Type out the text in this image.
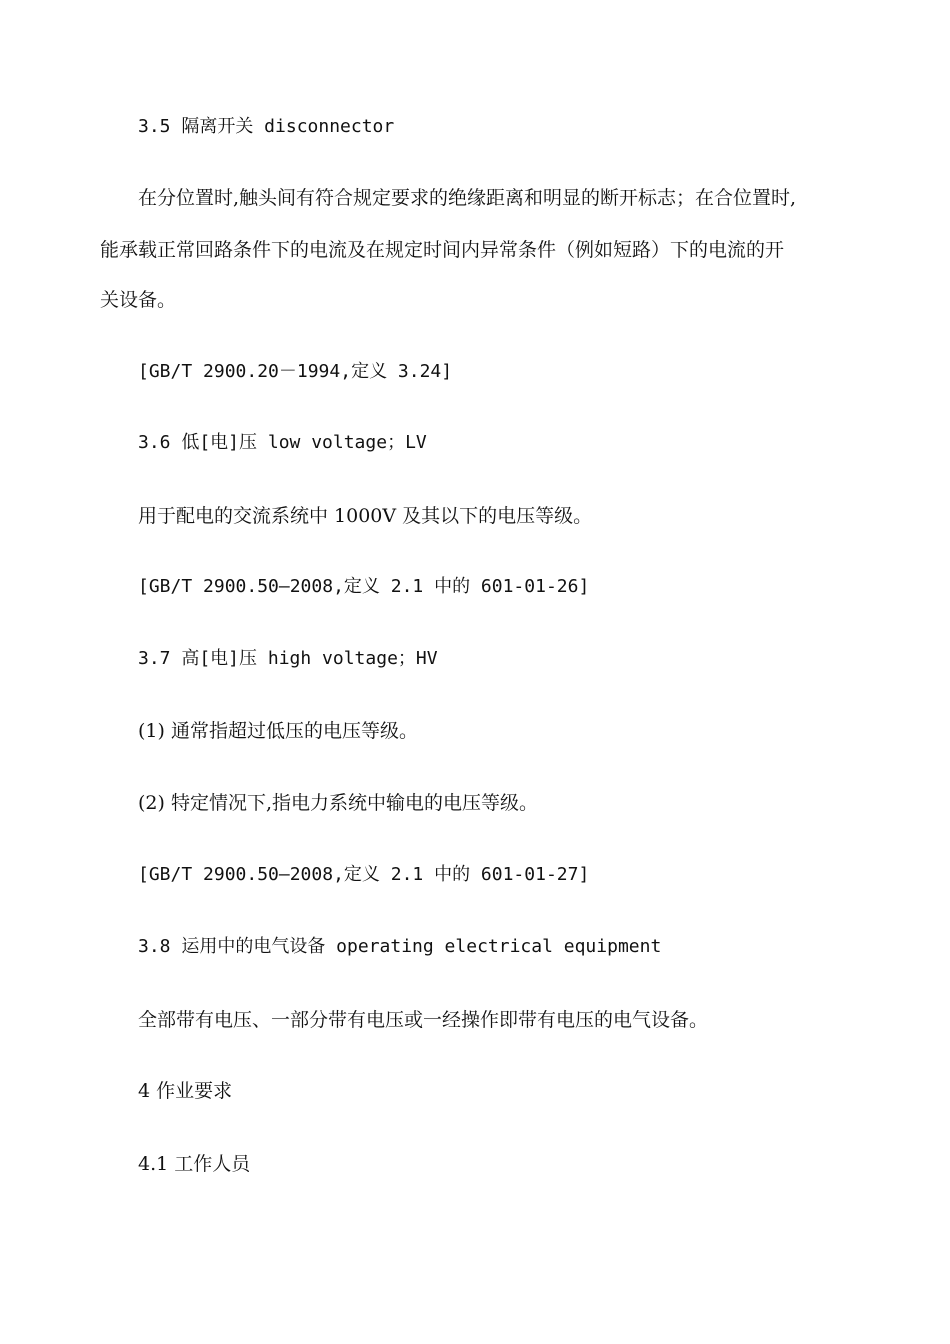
3.5 隔离开关 disconnector
在分位置时,触头间有符合规定要求的绝缘距离和明显的断开标志；在合位置时,
能承载正常回路条件下的电流及在规定时间内异常条件（例如短路）下的电流的开
关设备。
[GB/T 2900.20－1994,定义 3.24]
3.6 低[电]压 low voltage；LV
用于配电的交流系统中 1000V 及其以下的电压等级。
[GB/T 2900.50—2008,定义 2.1 中的 601-01-26]
3.7 高[电]压 high voltage；HV
(1) 通常指超过低压的电压等级。
(2) 特定情况下,指电力系统中输电的电压等级。
[GB/T 2900.50—2008,定义 2.1 中的 601-01-27]
3.8 运用中的电气设备 operating electrical equipment
全部带有电压、一部分带有电压或一经操作即带有电压的电气设备。
4 作业要求
4.1 工作人员
